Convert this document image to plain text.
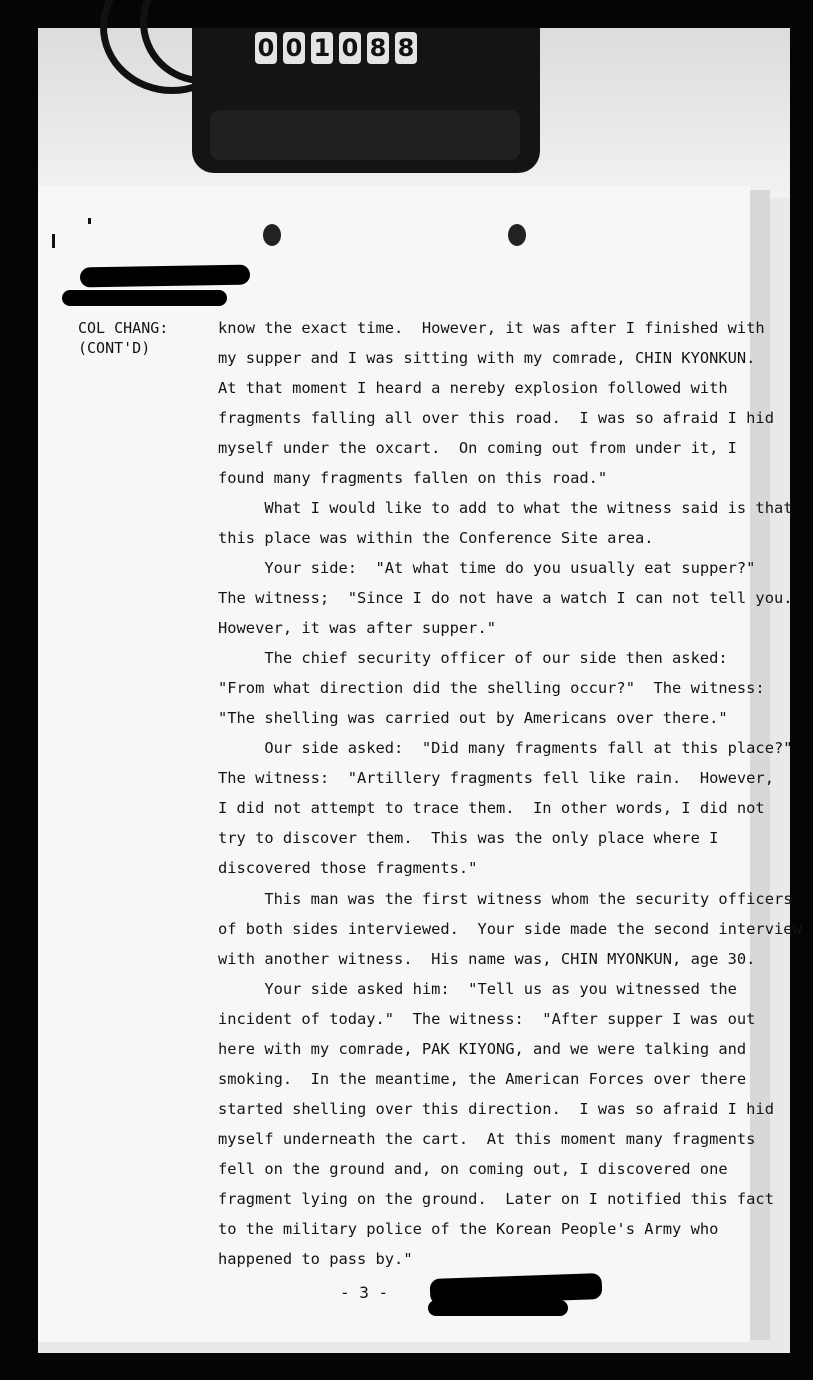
0 0 1 0 8 8
COL CHANG:
(CONT'D)

know the exact time.  However, it was after I finished with

my supper and I was sitting with my comrade, CHIN KYONKUN.

At that moment I heard a nereby explosion followed with

fragments falling all over this road.  I was so afraid I hid

myself under the oxcart.  On coming out from under it, I

found many fragments fallen on this road."

What I would like to add to what the witness said is that

this place was within the Conference Site area.

Your side:  "At what time do you usually eat supper?"

The witness;  "Since I do not have a watch I can not tell you.

However, it was after supper."

The chief security officer of our side then asked:

"From what direction did the shelling occur?"  The witness:

"The shelling was carried out by Americans over there."

Our side asked:  "Did many fragments fall at this place?"

The witness:  "Artillery fragments fell like rain.  However,

I did not attempt to trace them.  In other words, I did not

try to discover them.  This was the only place where I

discovered those fragments."

This man was the first witness whom the security officers

of both sides interviewed.  Your side made the second interview

with another witness.  His name was, CHIN MYONKUN, age 30.

Your side asked him:  "Tell us as you witnessed the

incident of today."  The witness:  "After supper I was out

here with my comrade, PAK KIYONG, and we were talking and

smoking.  In the meantime, the American Forces over there

started shelling over this direction.  I was so afraid I hid

myself underneath the cart.  At this moment many fragments

fell on the ground and, on coming out, I discovered one

fragment lying on the ground.  Later on I notified this fact

to the military police of the Korean People's Army who

happened to pass by."

- 3 -
